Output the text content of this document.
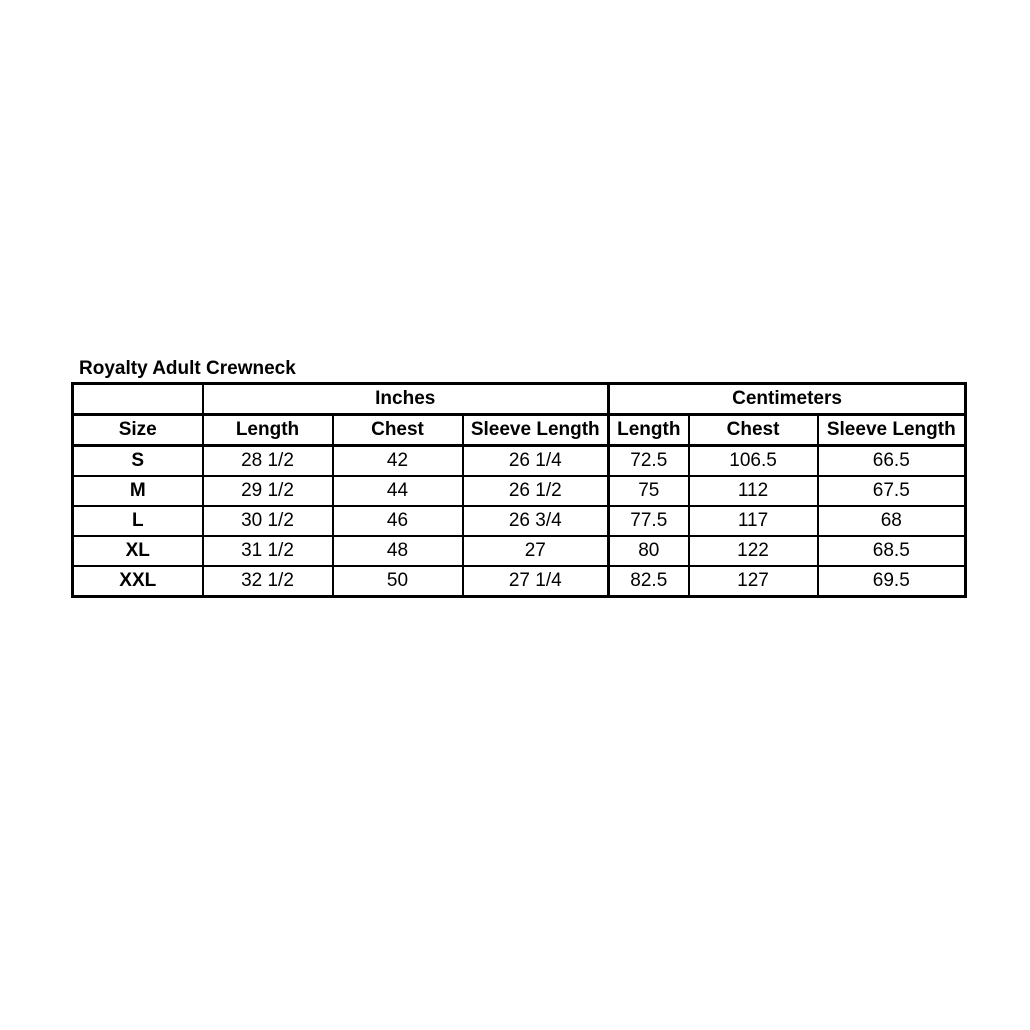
Royalty Adult Crewneck
	Inches			Centimeters		
Size	Length	Chest	Sleeve Length	Length	Chest	Sleeve Length
S	28 1/2	42	26 1/4	72.5	106.5	66.5
M	29 1/2	44	26 1/2	75	112	67.5
L	30 1/2	46	26 3/4	77.5	117	68
XL	31 1/2	48	27	80	122	68.5
XXL	32 1/2	50	27 1/4	82.5	127	69.5
